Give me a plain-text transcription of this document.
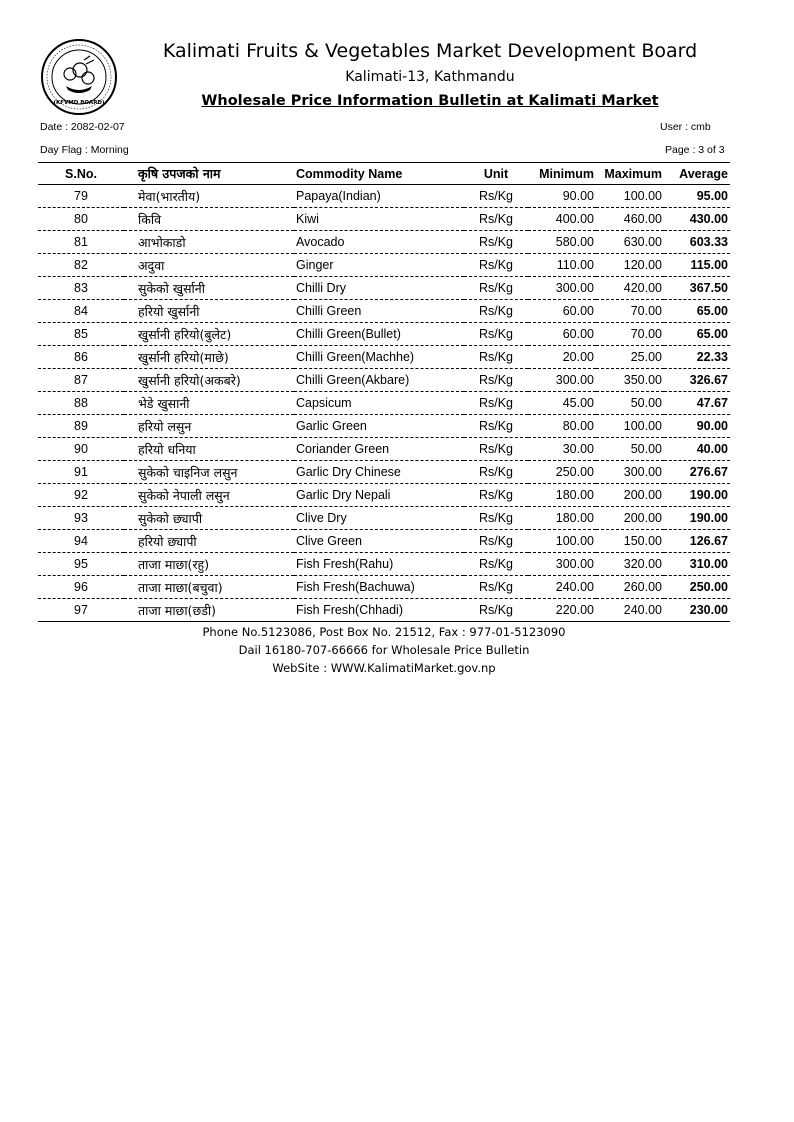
(KFVMD BOARD)
Kalimati Fruits & Vegetables Market Development Board
Kalimati-13, Kathmandu
Wholesale Price Information Bulletin at Kalimati Market
Date : 2082-02-07	User : cmb
Day Flag : Morning	Page : 3 of 3
S.No.	कृषि उपजको नाम	Commodity Name	Unit	Minimum	Maximum	Average
79	मेवा(भारतीय)	Papaya(Indian)	Rs/Kg	90.00	100.00	95.00
80	किवि	Kiwi	Rs/Kg	400.00	460.00	430.00
81	आभोकाडो	Avocado	Rs/Kg	580.00	630.00	603.33
82	अदुवा	Ginger	Rs/Kg	110.00	120.00	115.00
83	सुकेको खुर्सानी	Chilli Dry	Rs/Kg	300.00	420.00	367.50
84	हरियो खुर्सानी	Chilli Green	Rs/Kg	60.00	70.00	65.00
85	खुर्सानी हरियो(बुलेट)	Chilli Green(Bullet)	Rs/Kg	60.00	70.00	65.00
86	खुर्सानी हरियो(माछे)	Chilli Green(Machhe)	Rs/Kg	20.00	25.00	22.33
87	खुर्सानी हरियो(अकबरे)	Chilli Green(Akbare)	Rs/Kg	300.00	350.00	326.67
88	भेडे खुसानी	Capsicum	Rs/Kg	45.00	50.00	47.67
89	हरियो लसुन	Garlic Green	Rs/Kg	80.00	100.00	90.00
90	हरियो धनिया	Coriander Green	Rs/Kg	30.00	50.00	40.00
91	सुकेको चाइनिज लसुन	Garlic Dry Chinese	Rs/Kg	250.00	300.00	276.67
92	सुकेको नेपाली लसुन	Garlic Dry Nepali	Rs/Kg	180.00	200.00	190.00
93	सुकेको छ्यापी	Clive Dry	Rs/Kg	180.00	200.00	190.00
94	हरियो छ्यापी	Clive Green	Rs/Kg	100.00	150.00	126.67
95	ताजा माछा(रहु)	Fish Fresh(Rahu)	Rs/Kg	300.00	320.00	310.00
96	ताजा माछा(बचुवा)	Fish Fresh(Bachuwa)	Rs/Kg	240.00	260.00	250.00
97	ताजा माछा(छडी)	Fish Fresh(Chhadi)	Rs/Kg	220.00	240.00	230.00
Phone No.5123086, Post Box No. 21512, Fax : 977-01-5123090
Dail 16180-707-66666 for Wholesale Price Bulletin
WebSite : WWW.KalimatiMarket.gov.np
